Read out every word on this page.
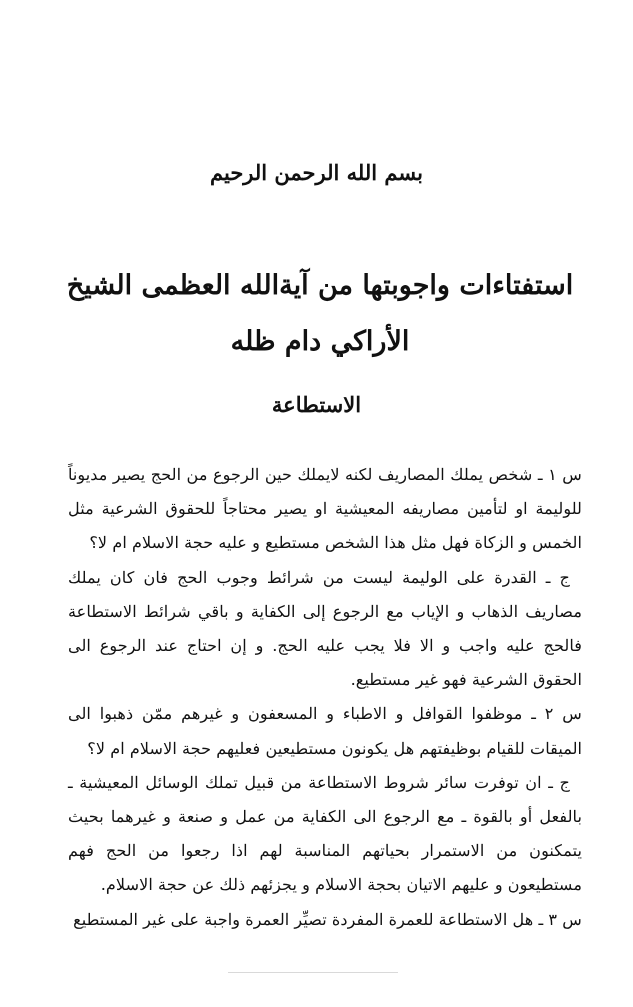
بسم الله الرحمن الرحيم
استفتاءات واجوبتها من آية‌الله العظمى الشيخ الأراكي دام ظله
الاستطاعة

س ١ ـ شخص يملك المصاريف لكنه لايملك حين الرجوع من الحج يصير مديوناً للوليمة او لتأمين مصاريفه المعيشية او يصير محتاجاً للحقوق الشرعية مثل الخمس و الزكاة فهل مثل هذا الشخص مستطيع و عليه حجة الاسلام ام لا؟

ج ـ القدرة على الوليمة ليست من شرائط وجوب الحج فان كان يملك مصاريف الذهاب و الإياب مع الرجوع إلى الكفاية و باقي شرائط الاستطاعة فالحج عليه واجب و الا فلا يجب عليه الحج. و إن احتاج عند الرجوع الى الحقوق الشرعية فهو غير مستطيع.

س ٢ ـ موظفوا القوافل و الاطباء و المسعفون و غيرهم ممّن ذهبوا الى الميقات للقيام بوظيفتهم هل يكونون مستطيعين فعليهم حجة الاسلام ام لا؟

ج ـ ان توفرت سائر شروط الاستطاعة من قبيل تملك الوسائل المعيشية ـ بالفعل أو بالقوة ـ مع الرجوع الى الكفاية من عمل و صنعة و غيرهما بحيث يتمكنون من الاستمرار بحياتهم المناسبة لهم اذا رجعوا من الحج فهم مستطيعون و عليهم الاتيان بحجة الاسلام و يجزئهم ذلك عن حجة الاسلام.

س ٣ ـ هل الاستطاعة للعمرة المفردة تصيِّر العمرة واجبة على غير المستطيع
